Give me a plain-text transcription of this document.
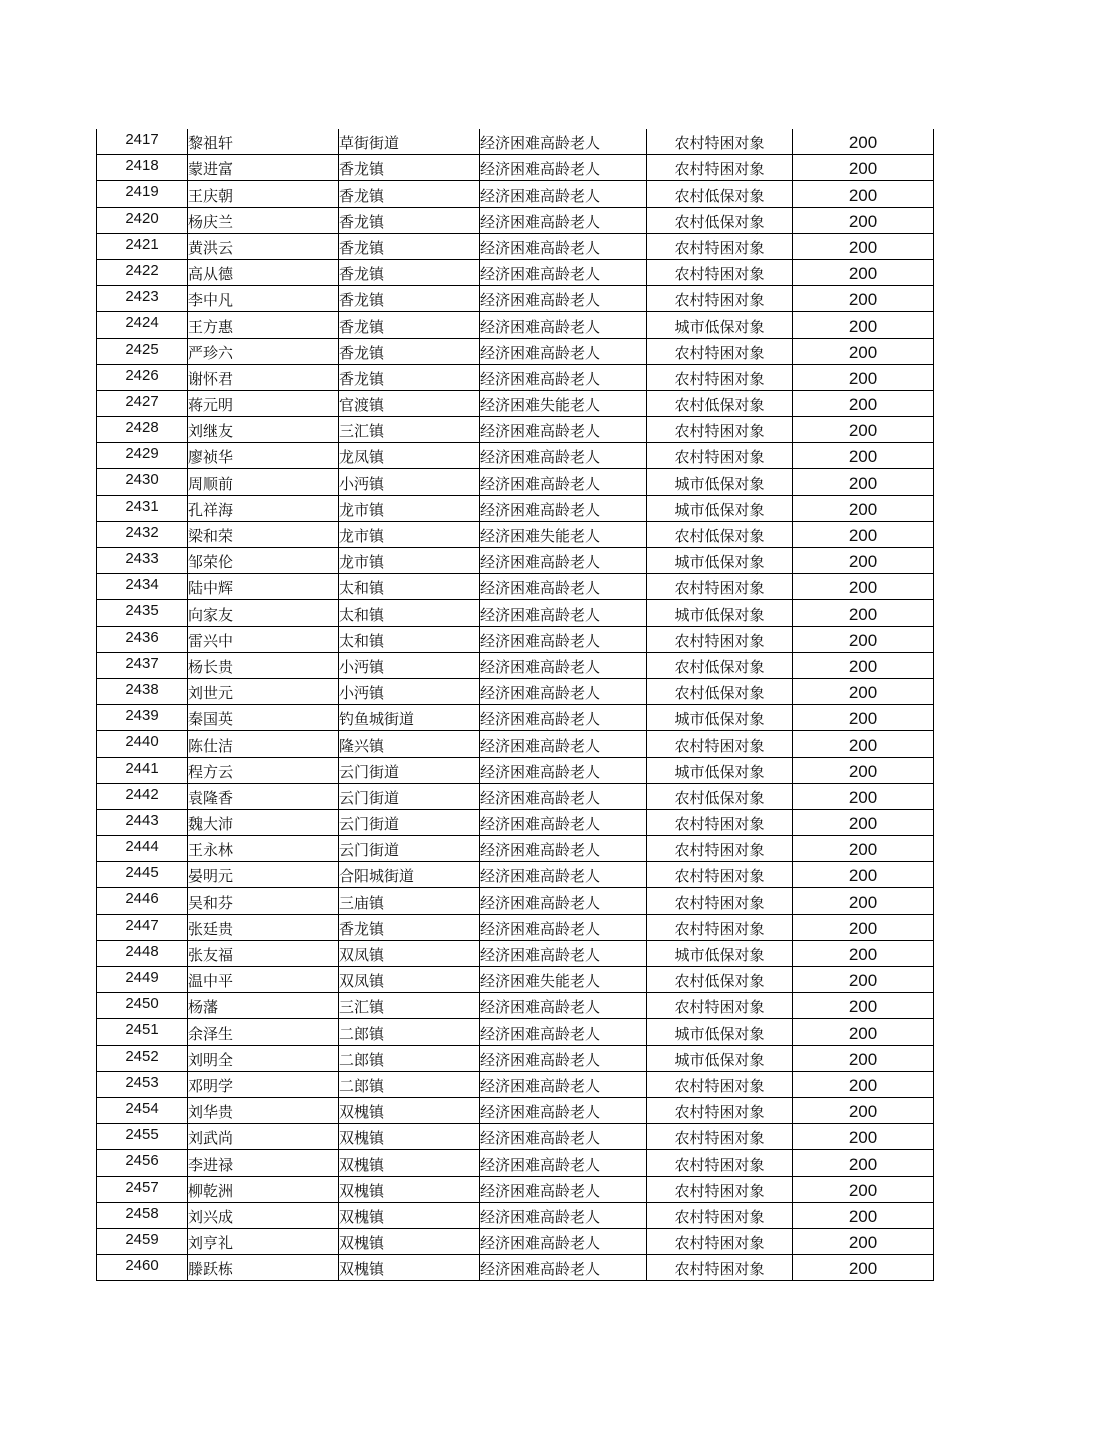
2417	黎祖轩	草街街道	经济困难高龄老人	农村特困对象	200
2418	蒙进富	香龙镇	经济困难高龄老人	农村特困对象	200
2419	王庆朝	香龙镇	经济困难高龄老人	农村低保对象	200
2420	杨庆兰	香龙镇	经济困难高龄老人	农村低保对象	200
2421	黄洪云	香龙镇	经济困难高龄老人	农村特困对象	200
2422	高从德	香龙镇	经济困难高龄老人	农村特困对象	200
2423	李中凡	香龙镇	经济困难高龄老人	农村特困对象	200
2424	王方惠	香龙镇	经济困难高龄老人	城市低保对象	200
2425	严珍六	香龙镇	经济困难高龄老人	农村特困对象	200
2426	谢怀君	香龙镇	经济困难高龄老人	农村特困对象	200
2427	蒋元明	官渡镇	经济困难失能老人	农村低保对象	200
2428	刘继友	三汇镇	经济困难高龄老人	农村特困对象	200
2429	廖祯华	龙凤镇	经济困难高龄老人	农村特困对象	200
2430	周顺前	小沔镇	经济困难高龄老人	城市低保对象	200
2431	孔祥海	龙市镇	经济困难高龄老人	城市低保对象	200
2432	梁和荣	龙市镇	经济困难失能老人	农村低保对象	200
2433	邹荣伦	龙市镇	经济困难高龄老人	城市低保对象	200
2434	陆中辉	太和镇	经济困难高龄老人	农村特困对象	200
2435	向家友	太和镇	经济困难高龄老人	城市低保对象	200
2436	雷兴中	太和镇	经济困难高龄老人	农村特困对象	200
2437	杨长贵	小沔镇	经济困难高龄老人	农村低保对象	200
2438	刘世元	小沔镇	经济困难高龄老人	农村低保对象	200
2439	秦国英	钓鱼城街道	经济困难高龄老人	城市低保对象	200
2440	陈仕洁	隆兴镇	经济困难高龄老人	农村特困对象	200
2441	程方云	云门街道	经济困难高龄老人	城市低保对象	200
2442	袁隆香	云门街道	经济困难高龄老人	农村低保对象	200
2443	魏大沛	云门街道	经济困难高龄老人	农村特困对象	200
2444	王永林	云门街道	经济困难高龄老人	农村特困对象	200
2445	晏明元	合阳城街道	经济困难高龄老人	农村特困对象	200
2446	吴和芬	三庙镇	经济困难高龄老人	农村特困对象	200
2447	张廷贵	香龙镇	经济困难高龄老人	农村特困对象	200
2448	张友福	双凤镇	经济困难高龄老人	城市低保对象	200
2449	温中平	双凤镇	经济困难失能老人	农村低保对象	200
2450	杨藩	三汇镇	经济困难高龄老人	农村特困对象	200
2451	余泽生	二郎镇	经济困难高龄老人	城市低保对象	200
2452	刘明全	二郎镇	经济困难高龄老人	城市低保对象	200
2453	邓明学	二郎镇	经济困难高龄老人	农村特困对象	200
2454	刘华贵	双槐镇	经济困难高龄老人	农村特困对象	200
2455	刘武尚	双槐镇	经济困难高龄老人	农村特困对象	200
2456	李进禄	双槐镇	经济困难高龄老人	农村特困对象	200
2457	柳乾洲	双槐镇	经济困难高龄老人	农村特困对象	200
2458	刘兴成	双槐镇	经济困难高龄老人	农村特困对象	200
2459	刘亨礼	双槐镇	经济困难高龄老人	农村特困对象	200
2460	滕跃栋	双槐镇	经济困难高龄老人	农村特困对象	200
